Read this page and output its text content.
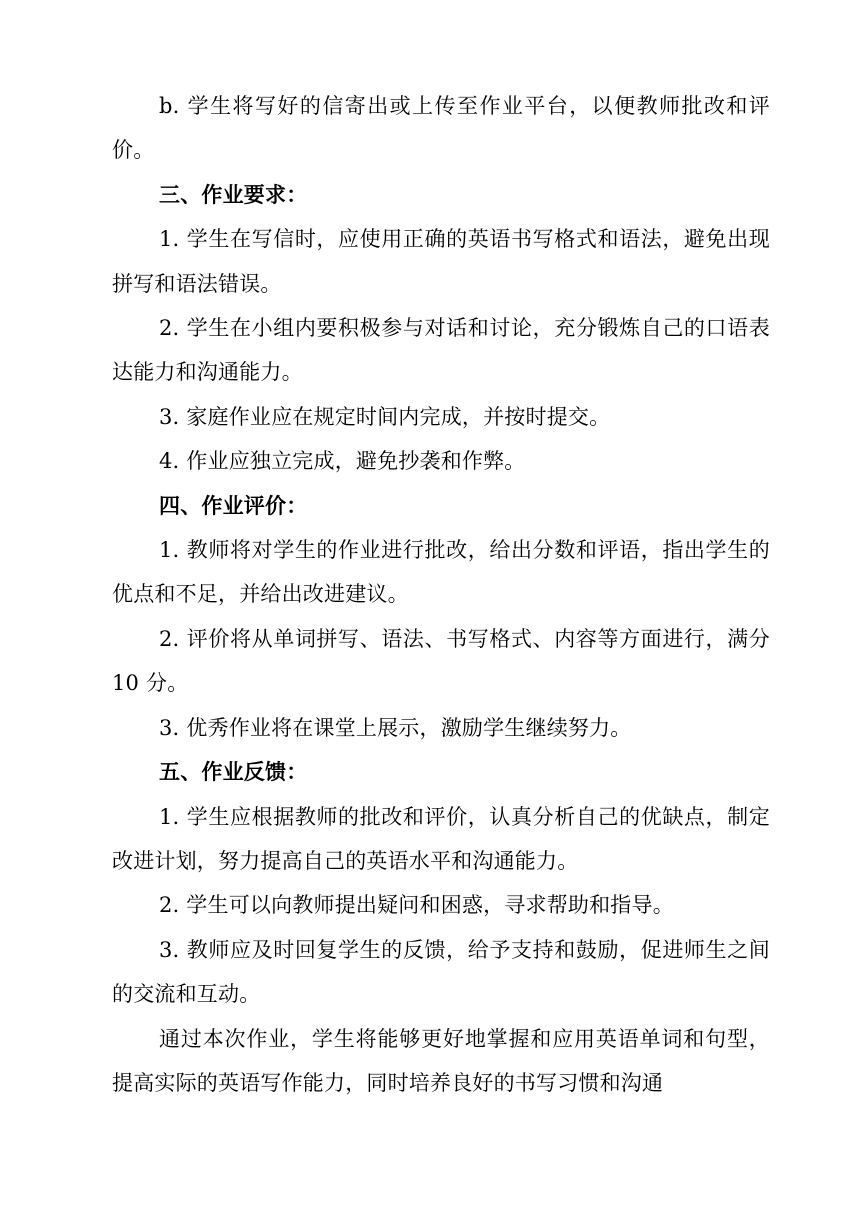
b. 学生将写好的信寄出或上传至作业平台，以便教师批改和评价。

三、作业要求：

1. 学生在写信时，应使用正确的英语书写格式和语法，避免出现拼写和语法错误。

2. 学生在小组内要积极参与对话和讨论，充分锻炼自己的口语表达能力和沟通能力。

3. 家庭作业应在规定时间内完成，并按时提交。

4. 作业应独立完成，避免抄袭和作弊。

四、作业评价：

1. 教师将对学生的作业进行批改，给出分数和评语，指出学生的优点和不足，并给出改进建议。

2. 评价将从单词拼写、语法、书写格式、内容等方面进行，满分 10 分。

3. 优秀作业将在课堂上展示，激励学生继续努力。

五、作业反馈：

1. 学生应根据教师的批改和评价，认真分析自己的优缺点，制定改进计划，努力提高自己的英语水平和沟通能力。

2. 学生可以向教师提出疑问和困惑，寻求帮助和指导。

3. 教师应及时回复学生的反馈，给予支持和鼓励，促进师生之间的交流和互动。

通过本次作业，学生将能够更好地掌握和应用英语单词和句型，提高实际的英语写作能力，同时培养良好的书写习惯和沟通
